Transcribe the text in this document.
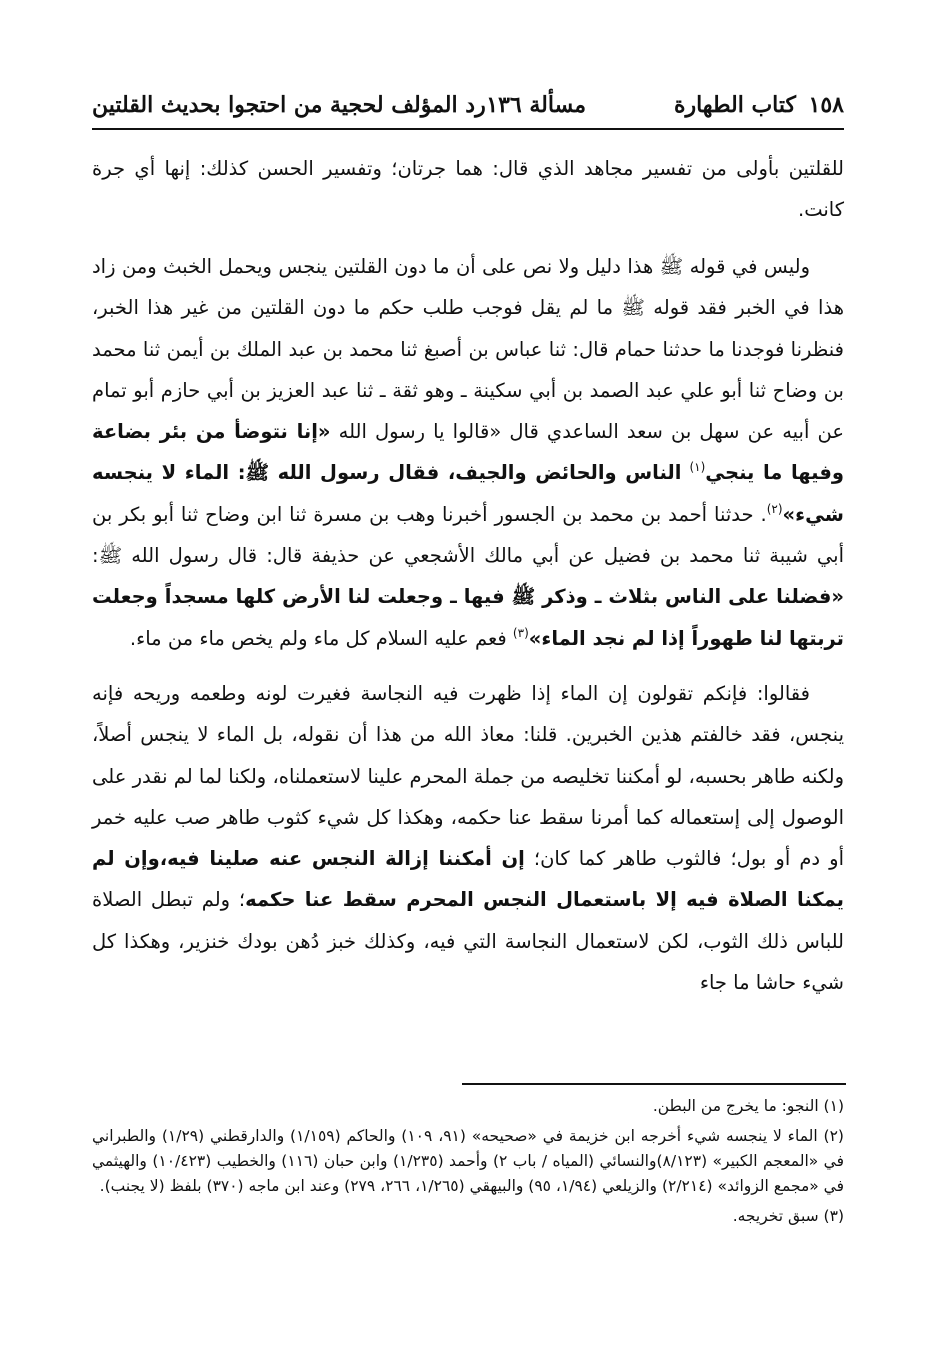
١٥٨
كتاب الطهارة
مسألة ١٣٦
رد المؤلف لحجية من احتجوا بحديث القلتين

للقلتين بأولى من تفسير مجاهد الذي قال: هما جرتان؛ وتفسير الحسن كذلك: إنها أي جرة كانت.

وليس في قوله ﷺ هذا دليل ولا نص على أن ما دون القلتين ينجس ويحمل الخبث ومن زاد هذا في الخبر فقد قوله ﷺ ما لم يقل فوجب طلب حكم ما دون القلتين من غير هذا الخبر، فنظرنا فوجدنا ما حدثنا حمام قال: ثنا عباس بن أصبغ ثنا محمد بن عبد الملك بن أيمن ثنا محمد بن وضاح ثنا أبو علي عبد الصمد بن أبي سكينة ـ وهو ثقة ـ ثنا عبد العزيز بن أبي حازم أبو تمام عن أبيه عن سهل بن سعد الساعدي قال «قالوا يا رسول الله «إنا نتوضأ من بئر بضاعة وفيها ما ينجي$^{(١)}$ الناس والحائض والجيف، فقال رسول الله ﷺ: الماء لا ينجسه شيء»$^{(٢)}$. حدثنا أحمد بن محمد بن الجسور أخبرنا وهب بن مسرة ثنا ابن وضاح ثنا أبو بكر بن أبي شيبة ثنا محمد بن فضيل عن أبي مالك الأشجعي عن حذيفة قال: قال رسول الله ﷺ: «فضلنا على الناس بثلاث ـ وذكر ﷺ فيها ـ وجعلت لنا الأرض كلها مسجداً وجعلت تربتها لنا طهوراً إذا لم نجد الماء»$^{(٣)}$ فعم عليه السلام كل ماء ولم يخص ماء من ماء.

فقالوا: فإنكم تقولون إن الماء إذا ظهرت فيه النجاسة فغيرت لونه وطعمه وريحه فإنه ينجس، فقد خالفتم هذين الخبرين. قلنا: معاذ الله من هذا أن نقوله، بل الماء لا ينجس أصلاً، ولكنه طاهر بحسبه، لو أمكننا تخليصه من جملة المحرم علينا لاستعملناه، ولكنا لما لم نقدر على الوصول إلى إستعماله كما أمرنا سقط عنا حكمه، وهكذا كل شيء كثوب طاهر صب عليه خمر أو دم أو بول؛ فالثوب طاهر كما كان؛ إن أمكننا إزالة النجس عنه صلينا فيه،وإن لم يمكنا الصلاة فيه إلا باستعمال النجس المحرم سقط عنا حكمه؛ ولم تبطل الصلاة للباس ذلك الثوب، لكن لاستعمال النجاسة التي فيه، وكذلك خبز دُهن بودك خنزير، وهكذا كل شيء حاشا ما جاء

(١) النجو: ما يخرج من البطن.

(٢) الماء لا ينجسه شيء أخرجه ابن خزيمة في «صحيحه» (٩١، ١٠٩) والحاكم (١/١٥٩) والدارقطني (١/٢٩) والطبراني في «المعجم الكبير» (٨/١٢٣)والنسائي (المياه / باب ٢) وأحمد (١/٢٣٥) وابن حبان (١١٦) والخطيب (١٠/٤٢٣) والهيثمي في «مجمع الزوائد» (٢/٢١٤) والزيلعي (١/٩٤، ٩٥) والبيهقي (١/٢٦٥، ٢٦٦، ٢٧٩) وعند ابن ماجه (٣٧٠) بلفظ (لا يجنب).

(٣) سبق تخريجه.
